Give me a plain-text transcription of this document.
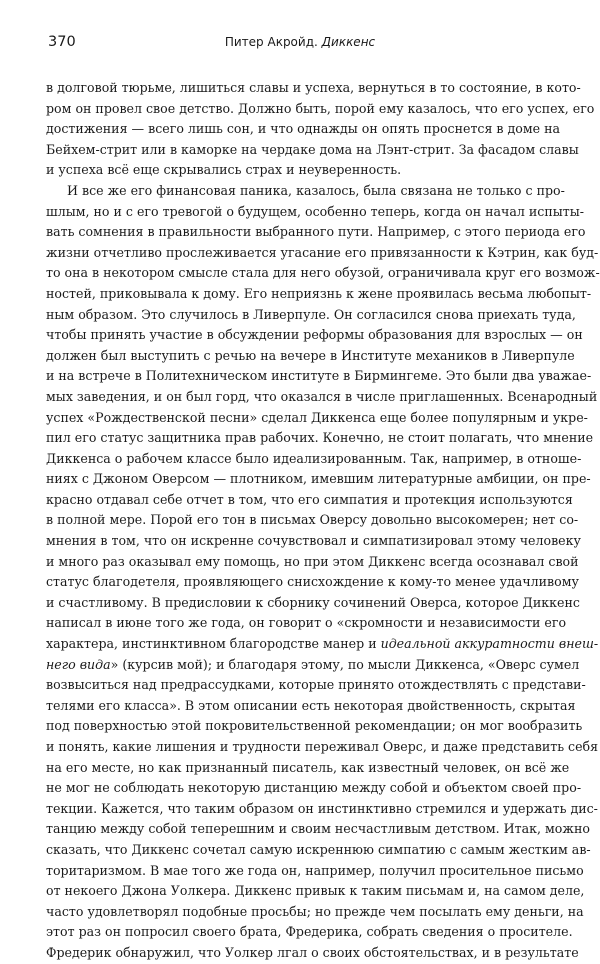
370	Питер Акройд. Диккенс
в долговой тюрьме, лишиться славы и успеха, вернуться в то состояние, в кото-
ром он провел свое детство. Должно быть, порой ему казалось, что его успех, его
достижения — всего лишь сон, и что однажды он опять проснется в доме на
Бейхем-стрит или в каморке на чердаке дома на Лэнт-стрит. За фасадом славы
и успеха всё еще скрывались страх и неуверенность.
И все же его финансовая паника, казалось, была связана не только с про-
шлым, но и с его тревогой о будущем, особенно теперь, когда он начал испыты-
вать сомнения в правильности выбранного пути. Например, с этого периода его
жизни отчетливо прослеживается угасание его привязанности к Кэтрин, как буд-
то она в некотором смысле стала для него обузой, ограничивала круг его возмож-
ностей, приковывала к дому. Его неприязнь к жене проявилась весьма любопыт-
ным образом. Это случилось в Ливерпуле. Он согласился снова приехать туда,
чтобы принять участие в обсуждении реформы образования для взрослых — он
должен был выступить с речью на вечере в Институте механиков в Ливерпуле
и на встрече в Политехническом институте в Бирмингеме. Это были два уважае-
мых заведения, и он был горд, что оказался в числе приглашенных. Всенародный
успех «Рождественской песни» сделал Диккенса еще более популярным и укре-
пил его статус защитника прав рабочих. Конечно, не стоит полагать, что мнение
Диккенса о рабочем классе было идеализированным. Так, например, в отноше-
ниях с Джоном Оверсом — плотником, имевшим литературные амбиции, он пре-
красно отдавал себе отчет в том, что его симпатия и протекция используются
в полной мере. Порой его тон в письмах Оверсу довольно высокомерен; нет со-
мнения в том, что он искренне сочувствовал и симпатизировал этому человеку
и много раз оказывал ему помощь, но при этом Диккенс всегда осознавал свой
статус благодетеля, проявляющего снисхождение к кому-то менее удачливому
и счастливому. В предисловии к сборнику сочинений Оверса, которое Диккенс
написал в июне того же года, он говорит о «скромности и независимости его
характера, инстинктивном благородстве манер и идеальной аккуратности внеш-
него вида» (курсив мой); и благодаря этому, по мысли Диккенса, «Оверс сумел
возвыситься над предрассудками, которые принято отождествлять с представи-
телями его класса». В этом описании есть некоторая двойственность, скрытая
под поверхностью этой покровительственной рекомендации; он мог вообразить
и понять, какие лишения и трудности переживал Оверс, и даже представить себя
на его месте, но как признанный писатель, как известный человек, он всё же
не мог не соблюдать некоторую дистанцию между собой и объектом своей про-
текции. Кажется, что таким образом он инстинктивно стремился и удержать дис-
танцию между собой теперешним и своим несчастливым детством. Итак, можно
сказать, что Диккенс сочетал самую искреннюю симпатию с самым жестким ав-
торитаризмом. В мае того же года он, например, получил просительное письмо
от некоего Джона Уолкера. Диккенс привык к таким письмам и, на самом деле,
часто удовлетворял подобные просьбы; но прежде чем посылать ему деньги, на
этот раз он попросил своего брата, Фредерика, собрать сведения о просителе.
Фредерик обнаружил, что Уолкер лгал о своих обстоятельствах, и в результате
